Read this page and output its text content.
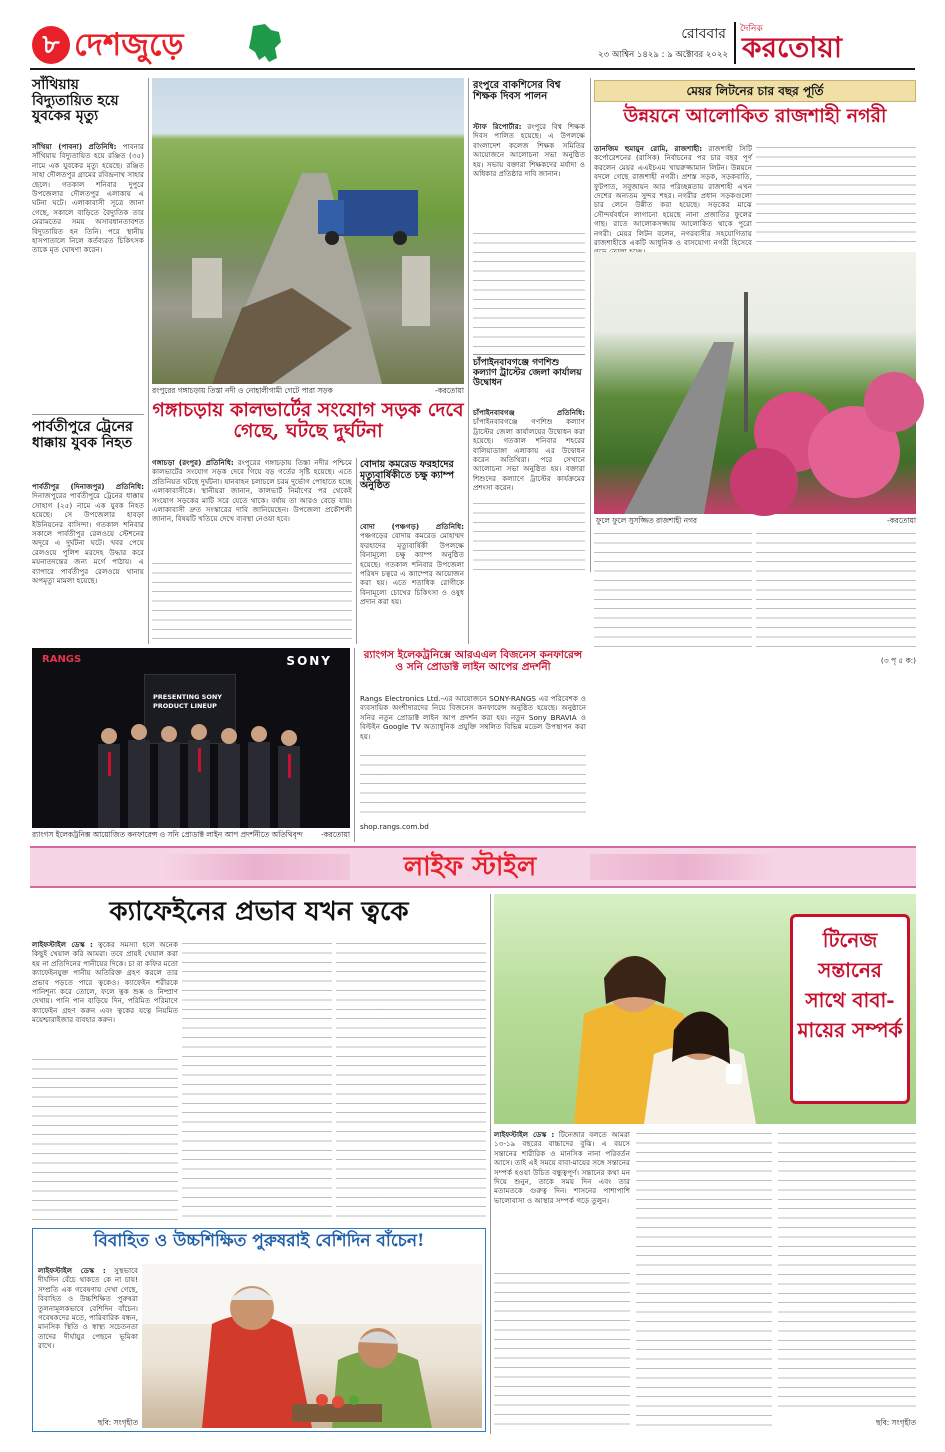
৮ দেশজুড়ে	রোববার
২৩ আশ্বিন ১৪২৯ : ৯ অক্টোবর ২০২২
দৈনিক
করতোয়া
সাঁথিয়ায় বিদ্যুতায়িত হয়ে যুবকের মৃত্যু
সাঁথিয়া (পাবনা) প্রতিনিধি: পাবনার সাঁথিয়ায় বিদ্যুতায়িত হয়ে রঞ্জিত (৩৫) নামে এক যুবকের মৃত্যু হয়েছে। রঞ্জিত সাহা দৌলতপুর গ্রামের রবিন্দ্রনাথ সাহার ছেলে। গতকাল শনিবার দুপুরে উপজেলার দৌলতপুর এলাকায় এ ঘটনা ঘটে। এলাকাবাসী সূত্রে জানা গেছে, সকালে বাড়িতে বৈদ্যুতিক তার মেরামতের সময় অসাবধানতাবশত বিদ্যুতায়িত হন তিনি। পরে স্থানীয় হাসপাতালে নিলে কর্তব্যরত চিকিৎসক তাকে মৃত ঘোষণা করেন।
পার্বতীপুরে ট্রেনের ধাক্কায় যুবক নিহত
পার্বতীপুর (দিনাজপুর) প্রতিনিধি: দিনাজপুরের পার্বতীপুরে ট্রেনের ধাক্কায় সোহাগ (২৫) নামে এক যুবক নিহত হয়েছে। সে উপজেলার হাবড়া ইউনিয়নের বাসিন্দা। গতকাল শনিবার সকালে পার্বতীপুর রেলওয়ে স্টেশনের অদূরে এ দুর্ঘটনা ঘটে। খবর পেয়ে রেলওয়ে পুলিশ মরদেহ উদ্ধার করে ময়নাতদন্তের জন্য মর্গে পাঠায়। এ ব্যাপারে পার্বতীপুর রেলওয়ে থানায় অপমৃত্যু মামলা হয়েছে।
রংপুরের গঙ্গাচড়ায় তিস্তা নদী ও নোহালীগামী গেটে পারা সড়ক	-করতোয়া
গঙ্গাচড়ায় কালভার্টের সংযোগ সড়ক দেবে গেছে, ঘটছে দুর্ঘটনা
গঙ্গাচড়া (রংপুর) প্রতিনিধি: রংপুরের গঙ্গাচড়ায় তিস্তা নদীর পশ্চিমে কালভার্টের সংযোগ সড়ক দেবে গিয়ে বড় গর্তের সৃষ্টি হয়েছে। এতে প্রতিনিয়ত ঘটছে দুর্ঘটনা। যানবাহন চলাচলে চরম দুর্ভোগ পোহাতে হচ্ছে এলাকাবাসীকে। স্থানীয়রা জানান, কালভার্ট নির্মাণের পর থেকেই সংযোগ সড়কের মাটি সরে যেতে থাকে। বর্ষায় তা আরও বেড়ে যায়। এলাকাবাসী দ্রুত সংস্কারের দাবি জানিয়েছেন। উপজেলা প্রকৌশলী জানান, বিষয়টি খতিয়ে দেখে ব্যবস্থা নেওয়া হবে।
বোদায় কমরেড ফরহাদের মৃত্যুবার্ষিকীতে চক্ষু ক্যাম্প অনুষ্ঠিত
বোদা (পঞ্চগড়) প্রতিনিধি: পঞ্চগড়ের বোদায় কমরেড মোহাম্মদ ফরহাদের মৃত্যুবার্ষিকী উপলক্ষে বিনামূল্যে চক্ষু ক্যাম্প অনুষ্ঠিত হয়েছে। গতকাল শনিবার উপজেলা পরিষদ চত্বরে এ ক্যাম্পের আয়োজন করা হয়। এতে শতাধিক রোগীকে বিনামূল্যে চোখের চিকিৎসা ও ওষুধ প্রদান করা হয়।
রংপুরে বাকশিসের বিশ্ব শিক্ষক দিবস পালন
স্টাফ রিপোর্টার: রংপুরে বিশ্ব শিক্ষক দিবস পালিত হয়েছে। এ উপলক্ষে বাংলাদেশ কলেজ শিক্ষক সমিতির আয়োজনে আলোচনা সভা অনুষ্ঠিত হয়। সভায় বক্তারা শিক্ষকদের মর্যাদা ও অধিকার প্রতিষ্ঠার দাবি জানান।
চাঁপাইনবাবগঞ্জে গণশিশু কল্যাণ ট্রাস্টের জেলা কার্যালয় উদ্বোধন
চাঁপাইনবাবগঞ্জ প্রতিনিধি: চাঁপাইনবাবগঞ্জে গণশিশু কল্যাণ ট্রাস্টের জেলা কার্যালয়ের উদ্বোধন করা হয়েছে। গতকাল শনিবার শহরের বালিয়াডাঙ্গা এলাকায় এর উদ্বোধন করেন অতিথিরা। পরে সেখানে আলোচনা সভা অনুষ্ঠিত হয়। বক্তারা শিশুদের কল্যাণে ট্রাস্টের কার্যক্রমের প্রশংসা করেন।
মেয়র লিটনের চার বছর পূর্তি
উন্নয়নে আলোকিত রাজশাহী নগরী
তানজিম হুমায়ুন রোমি, রাজশাহী: রাজশাহী সিটি কর্পোরেশনের (রাসিক) নির্বাচনের পর চার বছর পূর্ণ করলেন মেয়র এএইচএম খায়রুজ্জামান লিটন। উন্নয়নে বদলে গেছে রাজশাহী নগরী। প্রশস্ত সড়ক, সড়কবাতি, ফুটপাত, সবুজায়ন আর পরিচ্ছন্নতায় রাজশাহী এখন দেশের অন্যতম সুন্দর শহর। নগরীর প্রধান সড়কগুলো চার লেনে উন্নীত করা হয়েছে। সড়কের মাঝে সৌন্দর্যবর্ধনে লাগানো হয়েছে নানা প্রজাতির ফুলের গাছ। রাতে আলোকসজ্জায় আলোকিত থাকে পুরো নগরী। মেয়র লিটন বলেন, নগরবাসীর সহযোগিতায় রাজশাহীকে একটি আধুনিক ও বাসযোগ্য নগরী হিসেবে
ফুলে ফুলে সুসজ্জিত রাজশাহী নগর	-করতোয়া
(৩ পৃ ৫ ক:)
RANGS	SONY
PRESENTING SONY PRODUCT LINEUP
র‍্যাংগস ইলেকট্রনিক্স আয়োজিত কনফারেন্স ও সনি প্রোডাক্ট লাইন আপ প্রদর্শনীতে অতিথিবৃন্দ	-করতোয়া
র‍্যাংগস ইলেকট্রনিক্সে আরএএল বিজনেস কনফারেন্স ও সনি প্রোডাক্ট লাইন আপের প্রদর্শনী
Rangs Electronics Ltd.-এর আয়োজনে SONY-RANGS এর পরিবেশক ও ব্যবসায়িক অংশীদারদের নিয়ে বিজনেস কনফারেন্স অনুষ্ঠিত হয়েছে। অনুষ্ঠানে সনির নতুন প্রোডাক্ট লাইন আপ প্রদর্শন করা হয়। নতুন Sony BRAVIA ও বিল্টইন Google TV অত্যাধুনিক প্রযুক্তি সম্বলিত বিভিন্ন মডেল উপস্থাপন করা হয়।
shop.rangs.com.bd
লাইফ স্টাইল
ক্যাফেইনের প্রভাব যখন ত্বকে
লাইফস্টাইল ডেস্ক : ত্বকের সমস্যা হলে অনেক কিছুই খেয়াল করি আমরা। তবে প্রায়ই খেয়াল করা হয় না প্রতিদিনের পানীয়ের দিকে। চা বা কফির মতো ক্যাফেইনযুক্ত পানীয় অতিরিক্ত গ্রহণ করলে তার প্রভাব পড়তে পারে ত্বকেও। ক্যাফেইন শরীরকে পানিশূন্য করে তোলে, ফলে ত্বক শুষ্ক ও নিষ্প্রাণ দেখায়। পানি পান বাড়িয়ে দিন, পরিমিত পরিমাণে ক্যাফেইন গ্রহণ করুন এবং ত্বকের যত্নে নিয়মিত ময়েশ্চারাইজার ব্যবহার করুন।
বিবাহিত ও উচ্চশিক্ষিত পুরুষরাই বেশিদিন বাঁচেন!
লাইফস্টাইল ডেস্ক : সুস্থভাবে দীর্ঘদিন বেঁচে থাকতে কে না চায়! সম্প্রতি এক গবেষণায় দেখা গেছে, বিবাহিত ও উচ্চশিক্ষিত পুরুষরা তুলনামূলকভাবে বেশিদিন বাঁচেন। গবেষকদের মতে, পারিবারিক বন্ধন, মানসিক স্থিতি ও স্বাস্থ্য সচেতনতা তাদের দীর্ঘায়ুর পেছনে ভূমিকা রাখে।
ছবি: সংগৃহীত
টিনেজ সন্তানের সাথে বাবা-মায়ের সম্পর্ক
লাইফস্টাইল ডেস্ক : টিনেজার বলতে আমরা ১৩-১৯ বছরের বাচ্চাদের বুঝি। এ বয়সে সন্তানের শারীরিক ও মানসিক নানা পরিবর্তন আসে। তাই এই সময়ে বাবা-মায়ের সঙ্গে সন্তানের সম্পর্ক হওয়া উচিত বন্ধুত্বপূর্ণ। সন্তানের কথা মন দিয়ে শুনুন, তাকে সময় দিন এবং তার মতামতকে গুরুত্ব দিন। শাসনের পাশাপাশি ভালোবাসা ও আস্থার সম্পর্ক গড়ে তুলুন।
ছবি: সংগৃহীত
